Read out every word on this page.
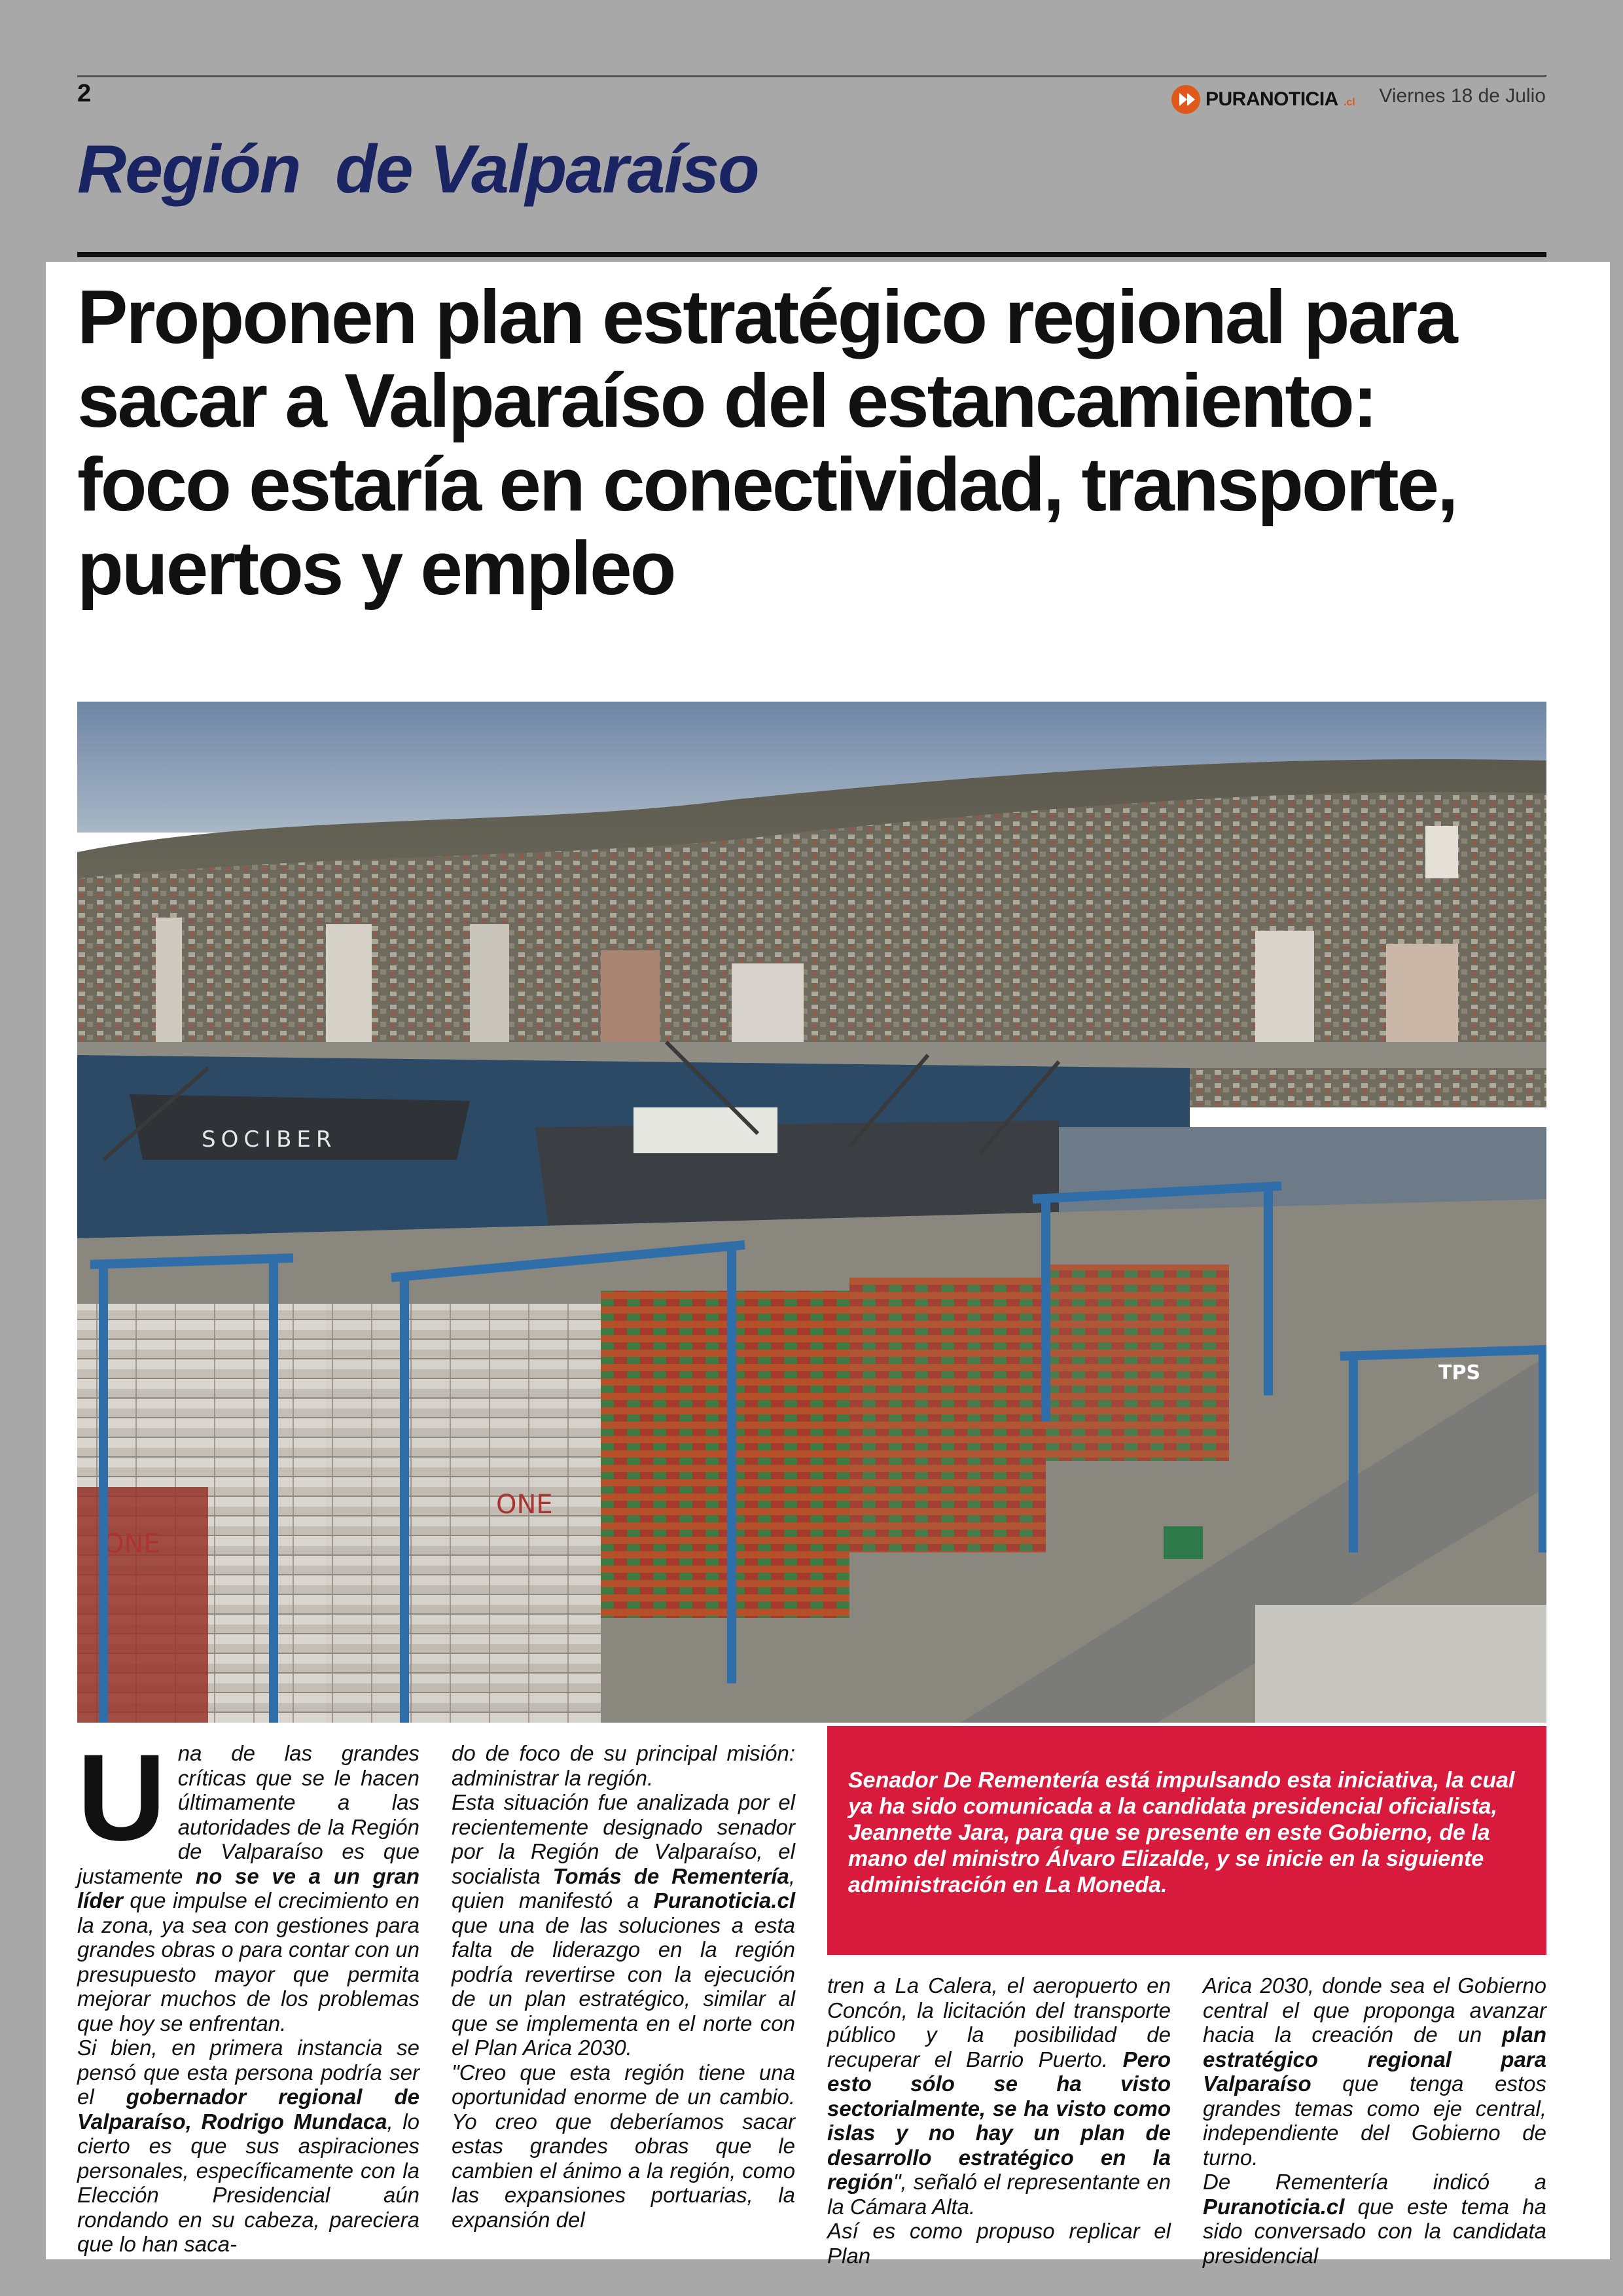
2	PURANOTICIA .cl Viernes 18 de Julio
Región  de Valparaíso
Proponen plan estratégico regional para sacar a Valparaíso del estancamiento: foco estaría en conectividad, transporte, puertos y empleo
SOCIBER
ONE
ONE
TPS
U na de las grandes críticas que se le hacen últimamente a las autoridades de la Región de Valparaíso es que justamente no se ve a un gran líder que impulse el crecimiento en la zona, ya sea con gestiones para grandes obras o para contar con un presupuesto mayor que permita mejorar muchos de los problemas que hoy se enfrentan.

Si bien, en primera instancia se pensó que esta persona podría ser el gobernador regional de Valparaíso, Rodrigo Mundaca, lo cierto es que sus aspiraciones personales, específicamente con la Elección Presidencial aún rondando en su cabeza, pareciera que lo han saca-

do de foco de su principal misión: administrar la región.

Esta situación fue analizada por el recientemente designado senador por la Región de Valparaíso, el socialista Tomás de Rementería, quien manifestó a Puranoticia.cl que una de las soluciones a esta falta de liderazgo en la región podría revertirse con la ejecución de un plan estratégico, similar al que se implementa en el norte con el Plan Arica 2030.

"Creo que esta región tiene una oportunidad enorme de un cambio. Yo creo que deberíamos sacar estas grandes obras que le cambien el ánimo a la región, como las expansiones portuarias, la expansión del

Senador De Rementería está impulsando esta iniciativa, la cual ya ha sido comunicada a la candidata presidencial oficialista, Jeannette Jara, para que se presente en este Gobierno, de la mano del ministro Álvaro Elizalde, y se inicie en la siguiente administración en La Moneda.

tren a La Calera, el aeropuerto en Concón, la licitación del transporte público y la posibilidad de recuperar el Barrio Puerto. Pero esto sólo se ha visto sectorialmente, se ha visto como islas y no hay un plan de desarrollo estratégico en la región", señaló el representante en la Cámara Alta.

Así es como propuso replicar el Plan

Arica 2030, donde sea el Gobierno central el que proponga avanzar hacia la creación de un plan estratégico regional para Valparaíso que tenga estos grandes temas como eje central, independiente del Gobierno de turno.

De Rementería indicó a Puranoticia.cl que este tema ha sido conversado con la candidata presidencial
